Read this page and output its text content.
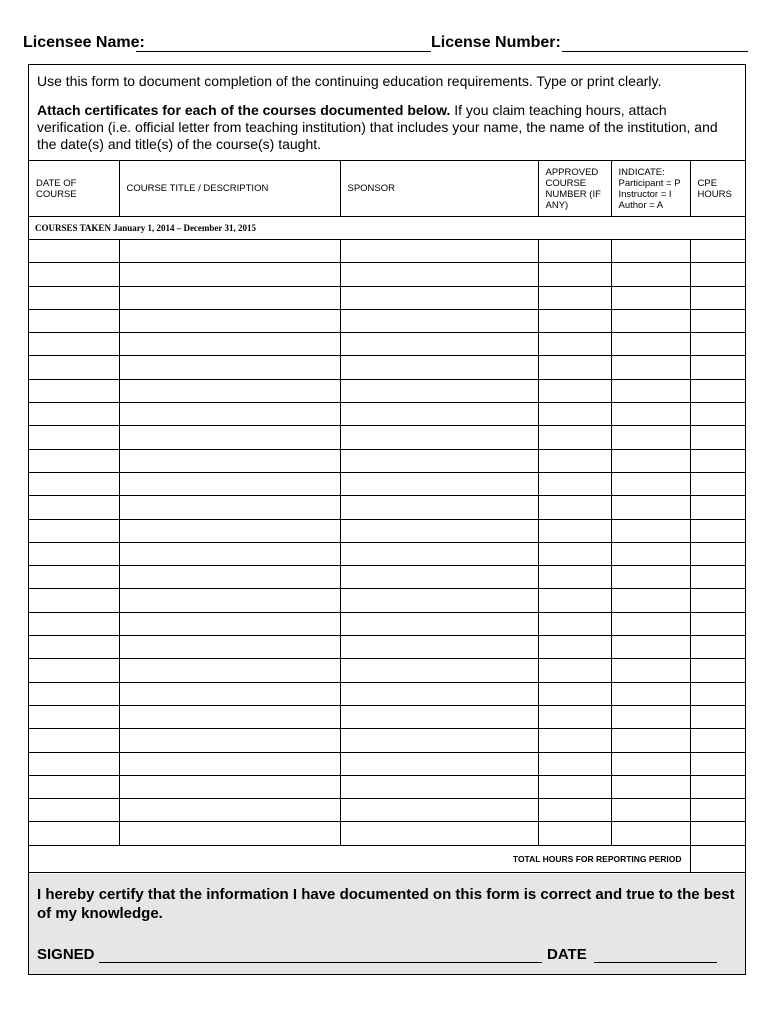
Licensee Name:	License Number:

Use this form to document completion of the continuing education requirements. Type or print clearly.

Attach certificates for each of the courses documented below. If you claim teaching hours, attach verification (i.e. official letter from teaching institution) that includes your name, the name of the institution, and the date(s) and title(s) of the course(s) taught.

DATE OF COURSE	COURSE TITLE / DESCRIPTION	SPONSOR	APPROVED COURSE NUMBER (IF ANY)	INDICATE: Participant = P Instructor = I Author = A	CPE HOURS
COURSES TAKEN January 1, 2014 – December 31, 2015					

TOTAL HOURS FOR REPORTING PERIOD					
I hereby certify that the information I have documented on this form is correct and true to the best of my knowledge.
SIGNED	DATE
